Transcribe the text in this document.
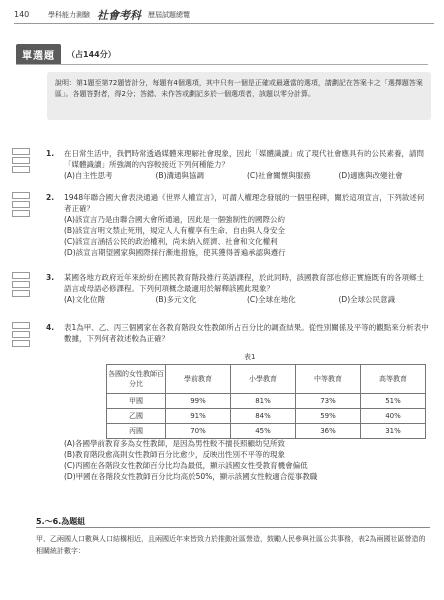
140	學科能力測驗 社會考科 歷屆試題總覽
單選題	（占144分）
說明：第1題至第72題皆計分，每題有4個選項，其中只有一個是正確或最適當的選項，請劃記在答案卡之「選擇題答案區」。各題答對者，得2分；答錯、未作答或劃記多於一個選項者，該題以零分計算。
1. 在日常生活中，我們時常透過媒體來理解社會現象，因此「媒體識讀」成了現代社會應具有的公民素養，請問「媒體識讀」所強調的內容較接近下列何種能力？
(A)自主性思考	(B)溝通與協調	(C)社會關懷與服務	(D)適應與改變社會
2. 1948年聯合國大會表決通過《世界人權宣言》，可謂人權理念發展的一個里程碑，關於這項宣言，下列敘述何者正確？
(A)該宣言乃是由聯合國大會所通過，因此是一個強制性的國際公約
(B)該宣言明文禁止死刑，規定人人有權享有生命、自由與人身安全
(C)該宣言涵括公民的政治權利，尚未納入經濟、社會和文化權利
(D)該宣言期望國家與國際採行漸進措施，使其獲得普遍承認與遵行
3. 某國各地方政府近年來紛紛在國民教育階段推行英語課程，於此同時，該國教育部也修正實施既有的各項鄉土語言或母語必修課程。下列何項概念最適用於解釋該國此現象？
(A)文化位階	(B)多元文化	(C)全球在地化	(D)全球公民意識
4. 表1為甲、乙、丙三個國家在各教育階段女性教師所占百分比的調查結果。從性別關係及平等的觀點來分析表中數據，下列何者敘述較為正確？
表1
各國的女性教師百分比	學前教育	小學教育	中等教育	高等教育
甲國	99%	81%	73%	51%
乙國	91%	84%	59%	40%
丙國	70%	45%	36%	31%
(A)各國學前教育多為女性教師，是因為男性較不擅長照顧幼兒所致
(B)教育階段愈高則女性教師百分比愈少，反映出性別不平等的現象
(C)丙國在各階段女性教師百分比均為最低，顯示該國女性受教育機會偏低
(D)甲國在各階段女性教師百分比均高於50%，顯示該國女性較適合從事教職
5.～6.為題組
甲、乙兩國人口數與人口結構相近，且兩國近年來皆致力於推動社區營造，鼓勵人民參與社區公共事務，表2為兩國社區營造的相關統計數字：
